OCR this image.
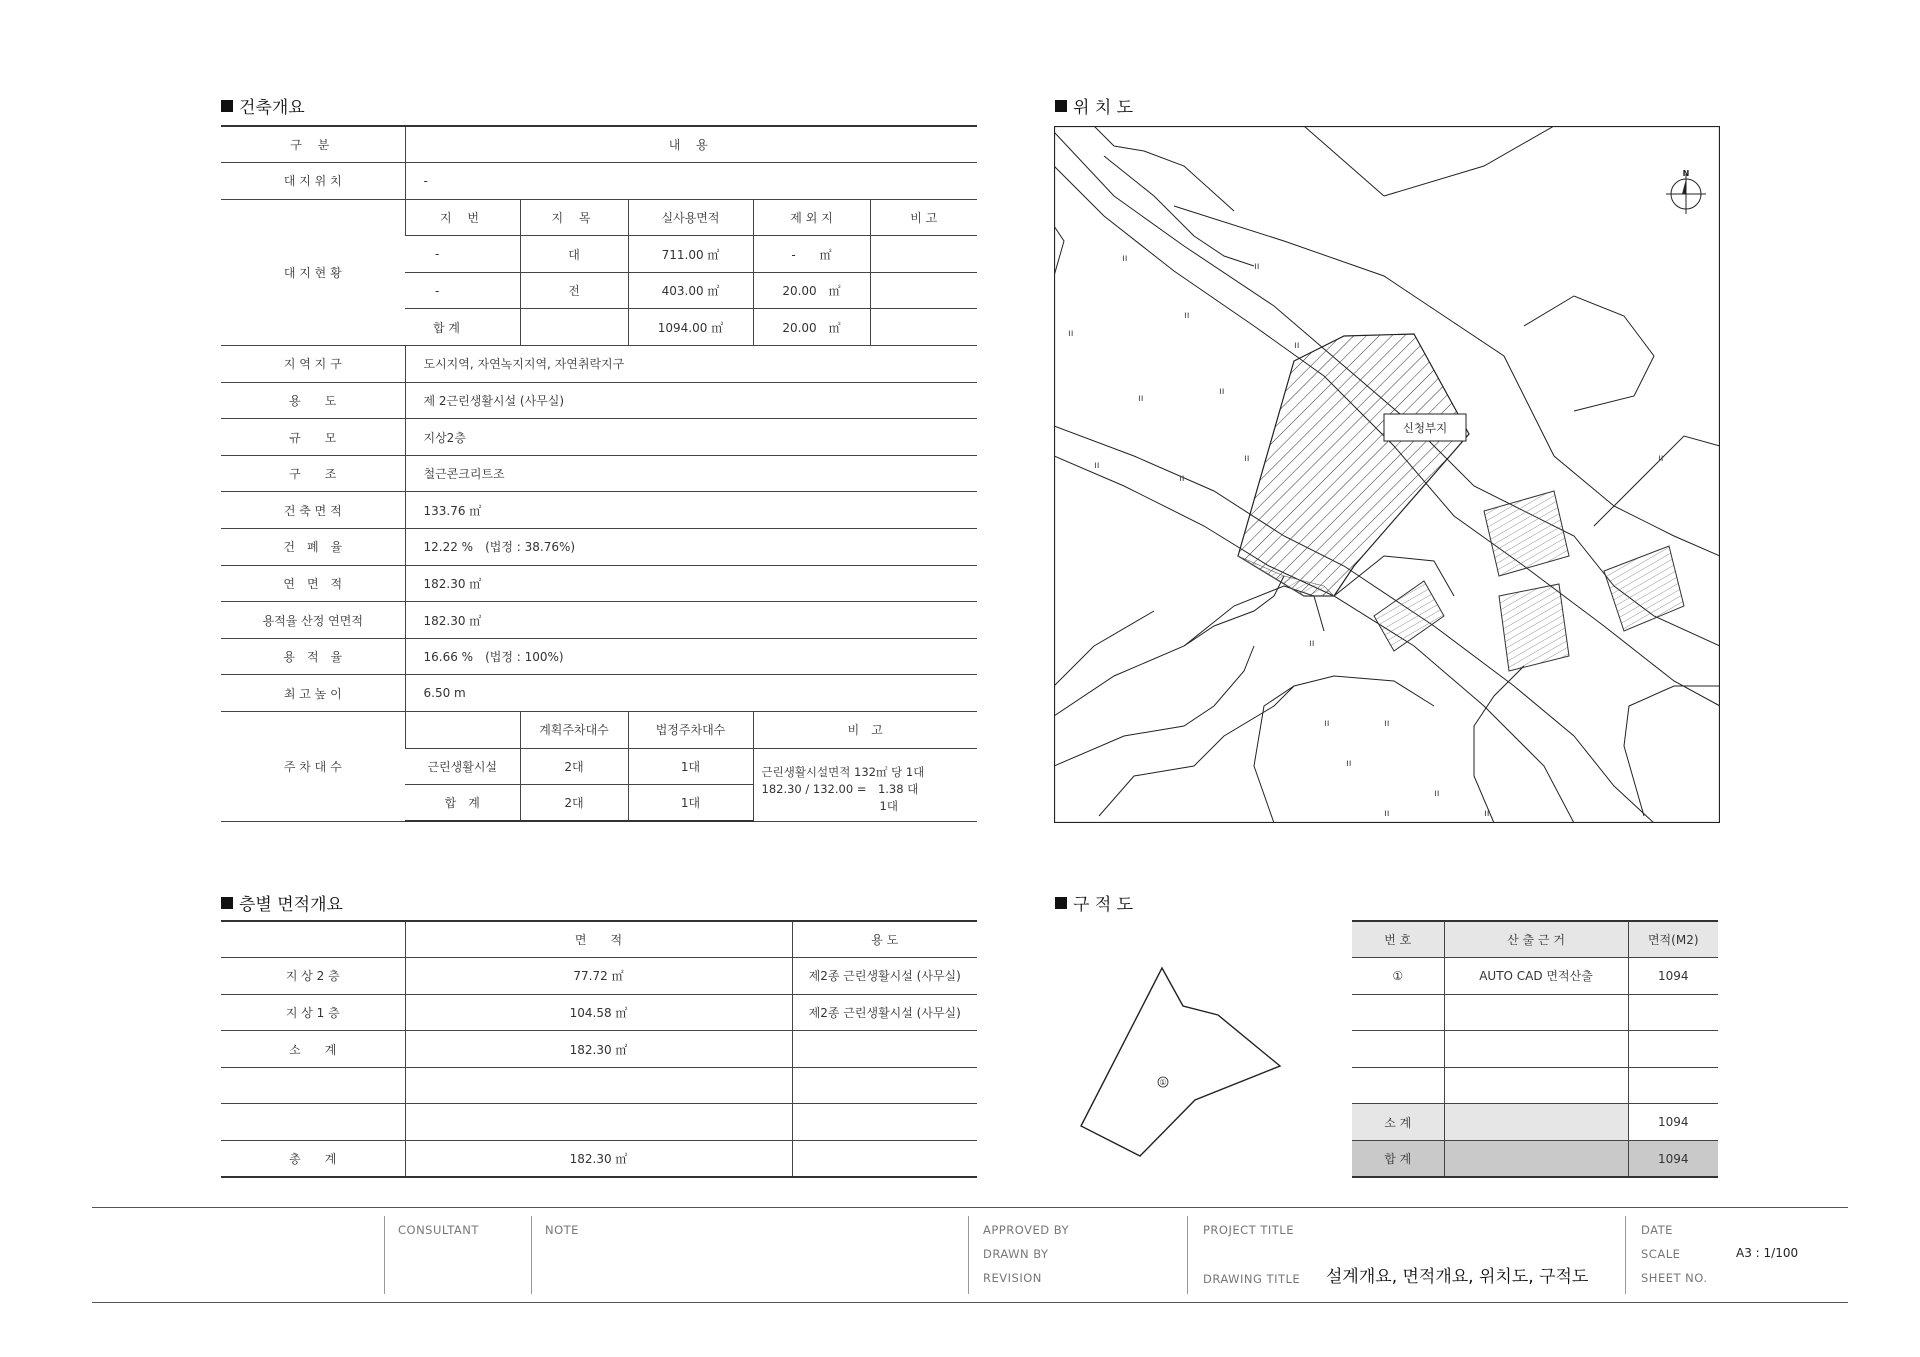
건축개요
구 분	내 용				
대 지 위 치	-				
대 지 현 황	지 번	지 목	실사용면적	제 외 지	비 고
	-	대	711.00 ㎡	-　　㎡	
	-	전	403.00 ㎡	20.00　㎡	
	합 계		1094.00 ㎡	20.00　㎡	
지 역 지 구	도시지역, 자연녹지지역, 자연취락지구				
용　　도	제 2근린생활시설 (사무실)				
규　　모	지상2층				
구　　조	철근콘크리트조				
건 축 면 적	133.76 ㎡				
건　폐　율	12.22 %　(법정 : 38.76%)				
연　면　적	182.30 ㎡				
용적율 산정 연면적	182.30 ㎡				
용　적　율	16.66 %　(법정 : 100%)				
최 고 높 이	6.50 m				
주 차 대 수		계획주차대수	법정주차대수	비　고	
	근린생활시설	2대	1대	근린생활시설면적 132㎡ 당 1대
182.30 / 132.00 =　1.38 대
1대	

	합　계	2대	1대		
위 치 도
신청부지
ıı
ıı
ıı
ıı
ıı
ıı
ıı
ıı
ıı
ıı
ıı
ıı	ıı
ıı
ıı
ıı
ıı
ıı
N
층별 면적개요
	면　　적	용 도
지 상 2 층	77.72 ㎡	제2종 근린생활시설 (사무실)
지 상 1 층	104.58 ㎡	제2종 근린생활시설 (사무실)
소　　계	182.30 ㎡	

총　　계	182.30 ㎡	
구 적 도
①
번 호	산 출 근 거	면적(M2)
①	AUTO CAD 면적산출	1094

소 계		1094
합 계		1094
CONSULTANT	NOTE	APPROVED BY
DRAWN BY
REVISION
PROJECT TITLE
DRAWING TITLE 설계개요, 면적개요, 위치도, 구적도
DATE
SCALE	A3 : 1/100
SHEET NO.
